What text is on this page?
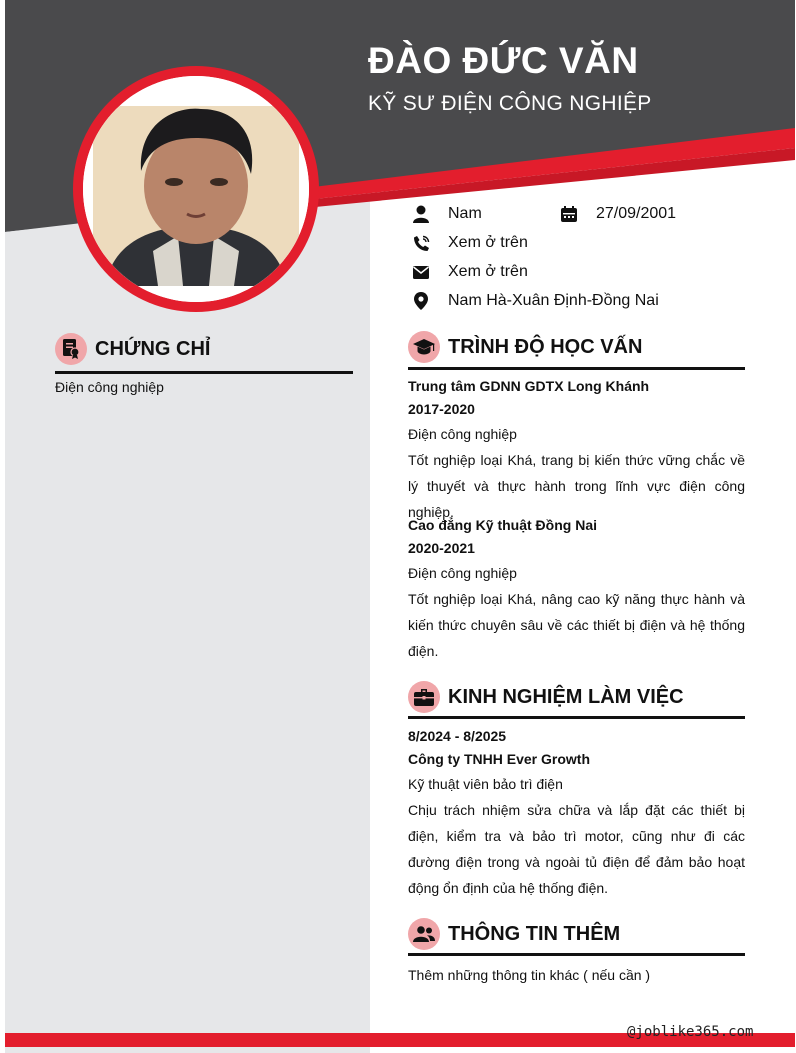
ĐÀO ĐỨC VĂN
KỸ SƯ ĐIỆN CÔNG NGHIỆP
Nam	27/09/2001
Xem ở trên
Xem ở trên
Nam Hà-Xuân Định-Đồng Nai
CHỨNG CHỈ
Điện công nghiệp
TRÌNH ĐỘ HỌC VẤN
Trung tâm GDNN GDTX Long Khánh
2017-2020
Điện công nghiệp
Tốt nghiệp loại Khá, trang bị kiến thức vững chắc về lý thuyết và thực hành trong lĩnh vực điện công nghiệp.
Cao đẳng Kỹ thuật Đồng Nai
2020-2021
Điện công nghiệp
Tốt nghiệp loại Khá, nâng cao kỹ năng thực hành và kiến thức chuyên sâu về các thiết bị điện và hệ thống điện.
KINH NGHIỆM LÀM VIỆC
8/2024 - 8/2025
Công ty TNHH Ever Growth
Kỹ thuật viên bảo trì điện
Chịu trách nhiệm sửa chữa và lắp đặt các thiết bị điện, kiểm tra và bảo trì motor, cũng như đi các đường điện trong và ngoài tủ điện để đảm bảo hoạt động ổn định của hệ thống điện.
THÔNG TIN THÊM
Thêm những thông tin khác ( nếu cần )
@joblike365.com
